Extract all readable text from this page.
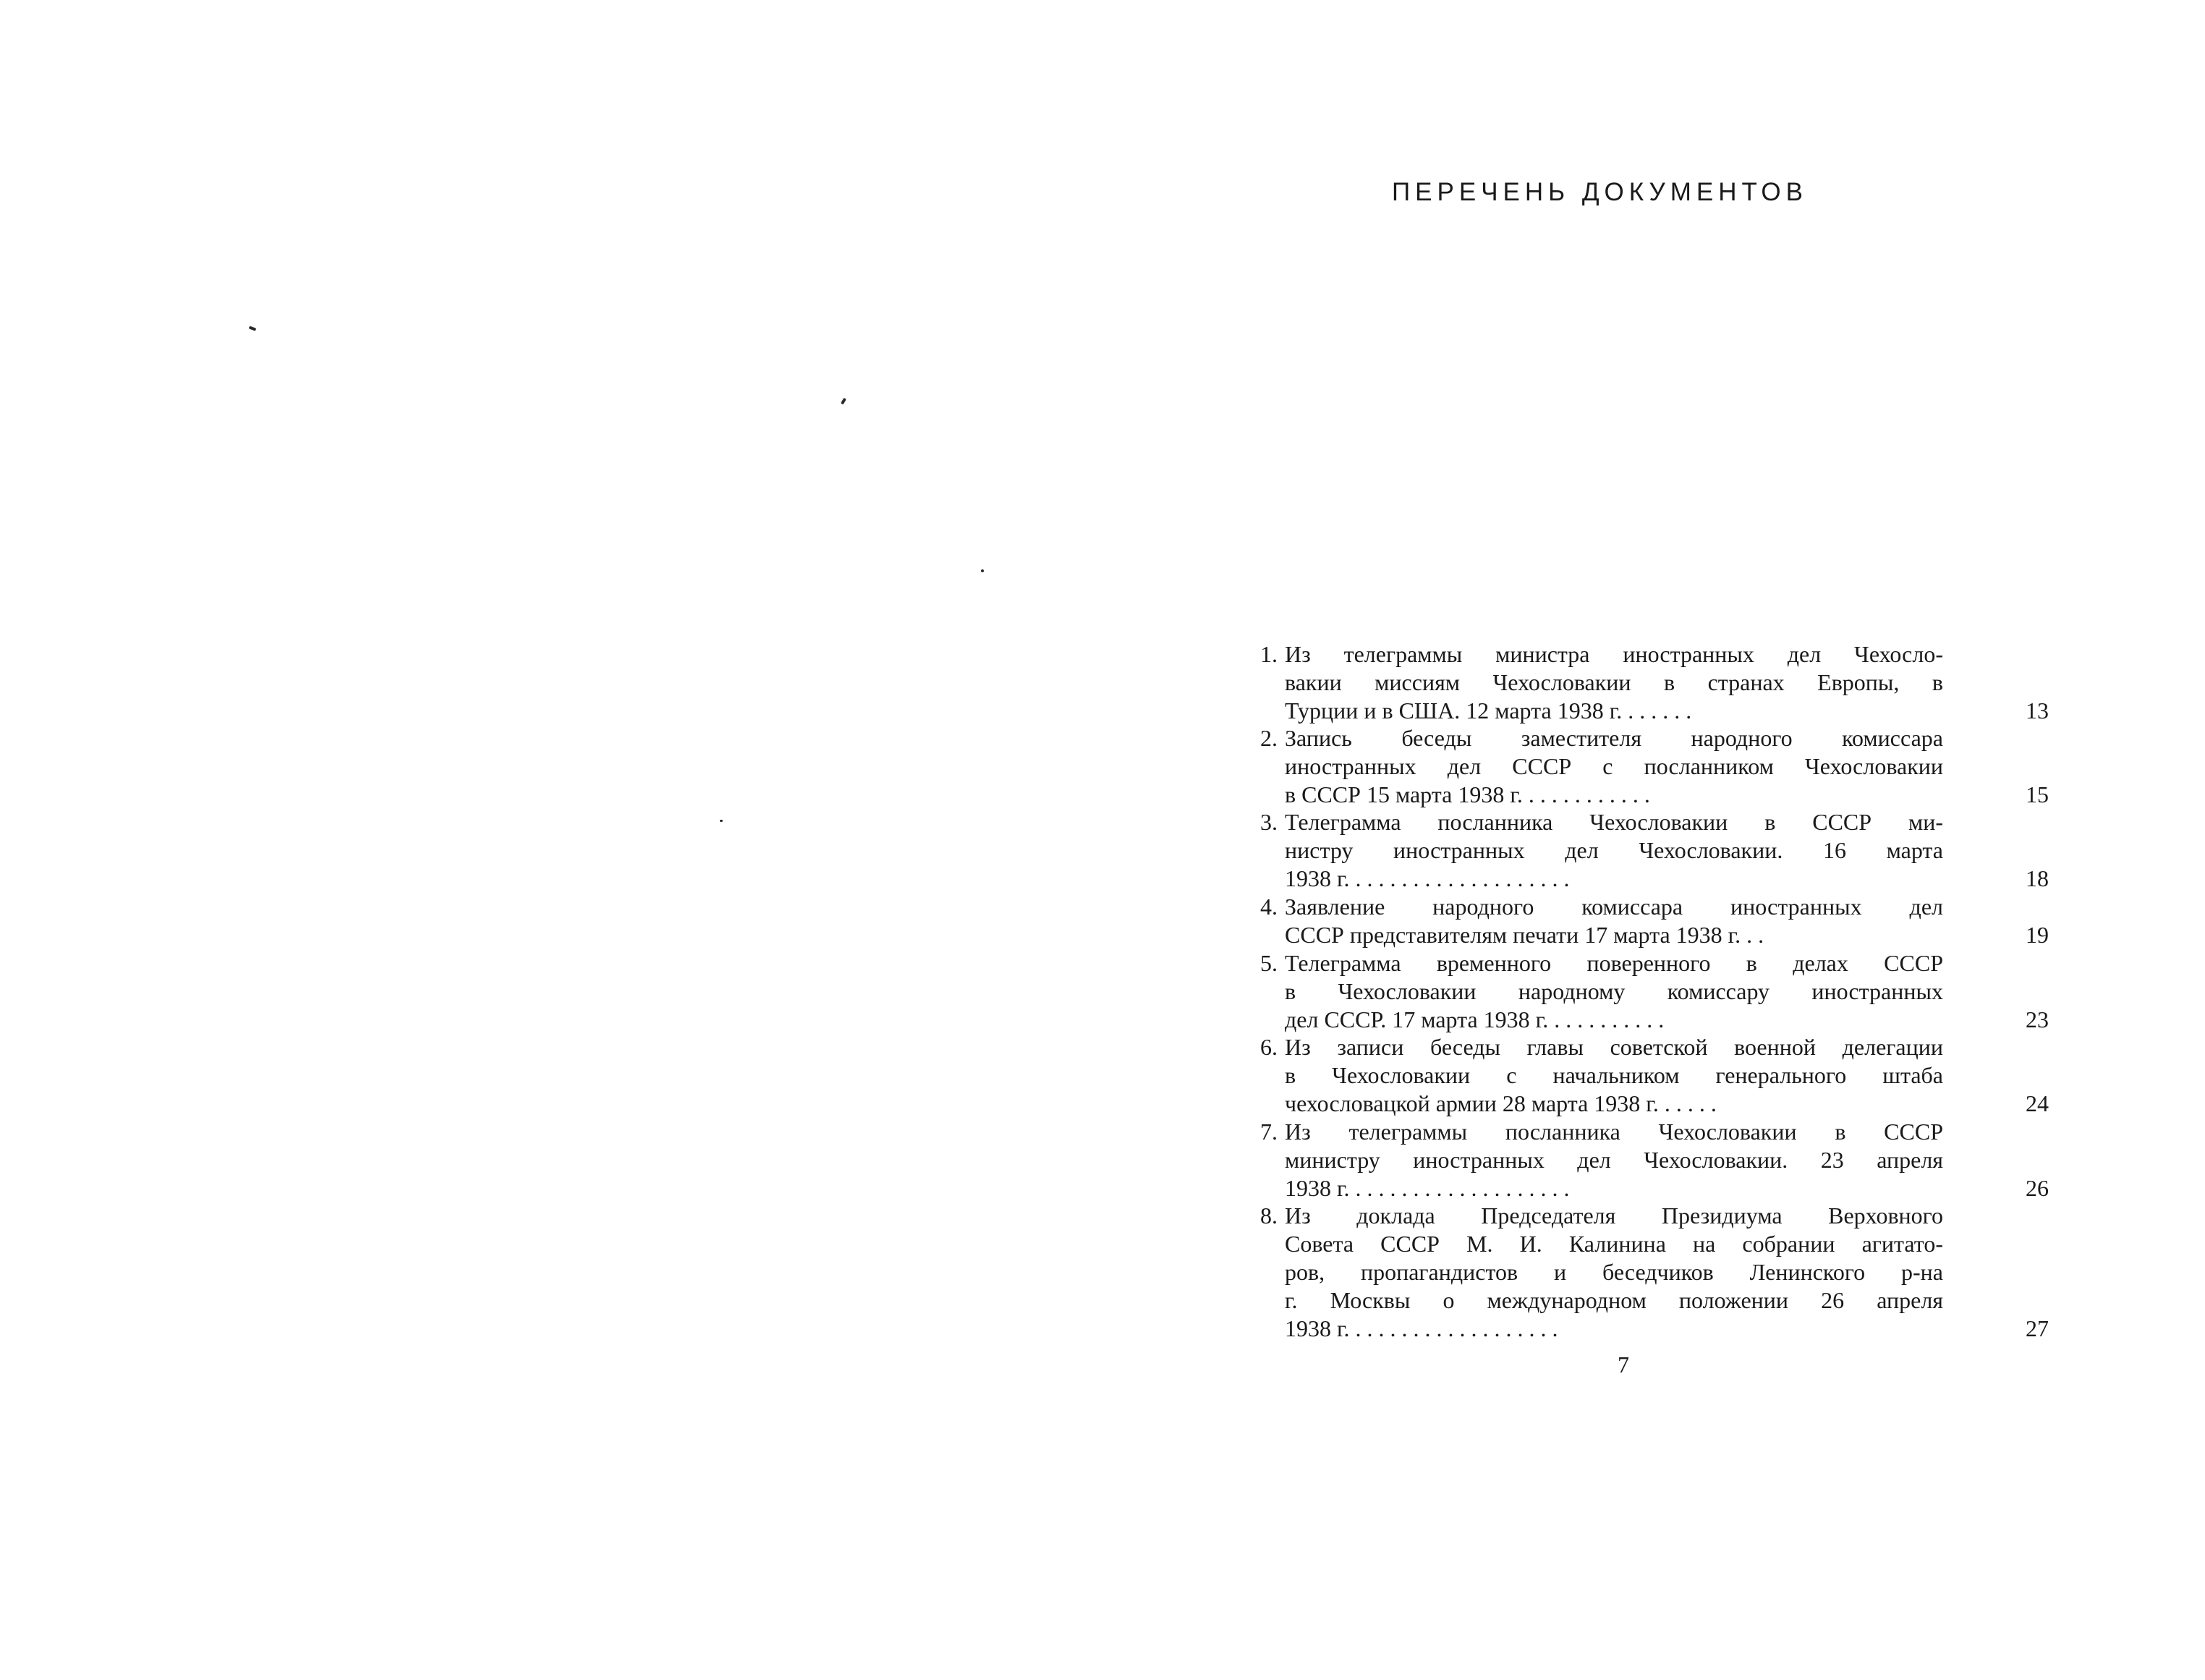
ПЕРЕЧЕНЬ ДОКУМЕНТОВ
1. Из телеграммы министра иностранных дел Чехосло-
вакии миссиям Чехословакии в странах Европы, в
Турции и в США. 12 марта 1938 г. . . . . . .	13
2. Запись беседы заместителя народного комиссара
иностранных дел СССР с посланником Чехословакии
в СССР 15 марта 1938 г. . . . . . . . . . . .	15
3. Телеграмма посланника Чехословакии в СССР ми-
нистру иностранных дел Чехословакии. 16 марта
1938 г. . . . . . . . . . . . . . . . . . . .	18
4. Заявление народного комиссара иностранных дел
СССР представителям печати 17 марта 1938 г. . .	19
5. Телеграмма временного поверенного в делах СССР
в Чехословакии народному комиссару иностранных
дел СССР. 17 марта 1938 г. . . . . . . . . . .	23
6. Из записи беседы главы советской военной делегации
в Чехословакии с начальником генерального штаба
чехословацкой армии 28 марта 1938 г. . . . . .	24
7. Из телеграммы посланника Чехословакии в СССР
министру иностранных дел Чехословакии. 23 апреля
1938 г. . . . . . . . . . . . . . . . . . . .	26
8. Из доклада Председателя Президиума Верховного
Совета СССР М. И. Калинина на собрании агитато-
ров, пропагандистов и беседчиков Ленинского р-на
г. Москвы о международном положении 26 апреля
1938 г. . . . . . . . . . . . . . . . . . .	27
7
